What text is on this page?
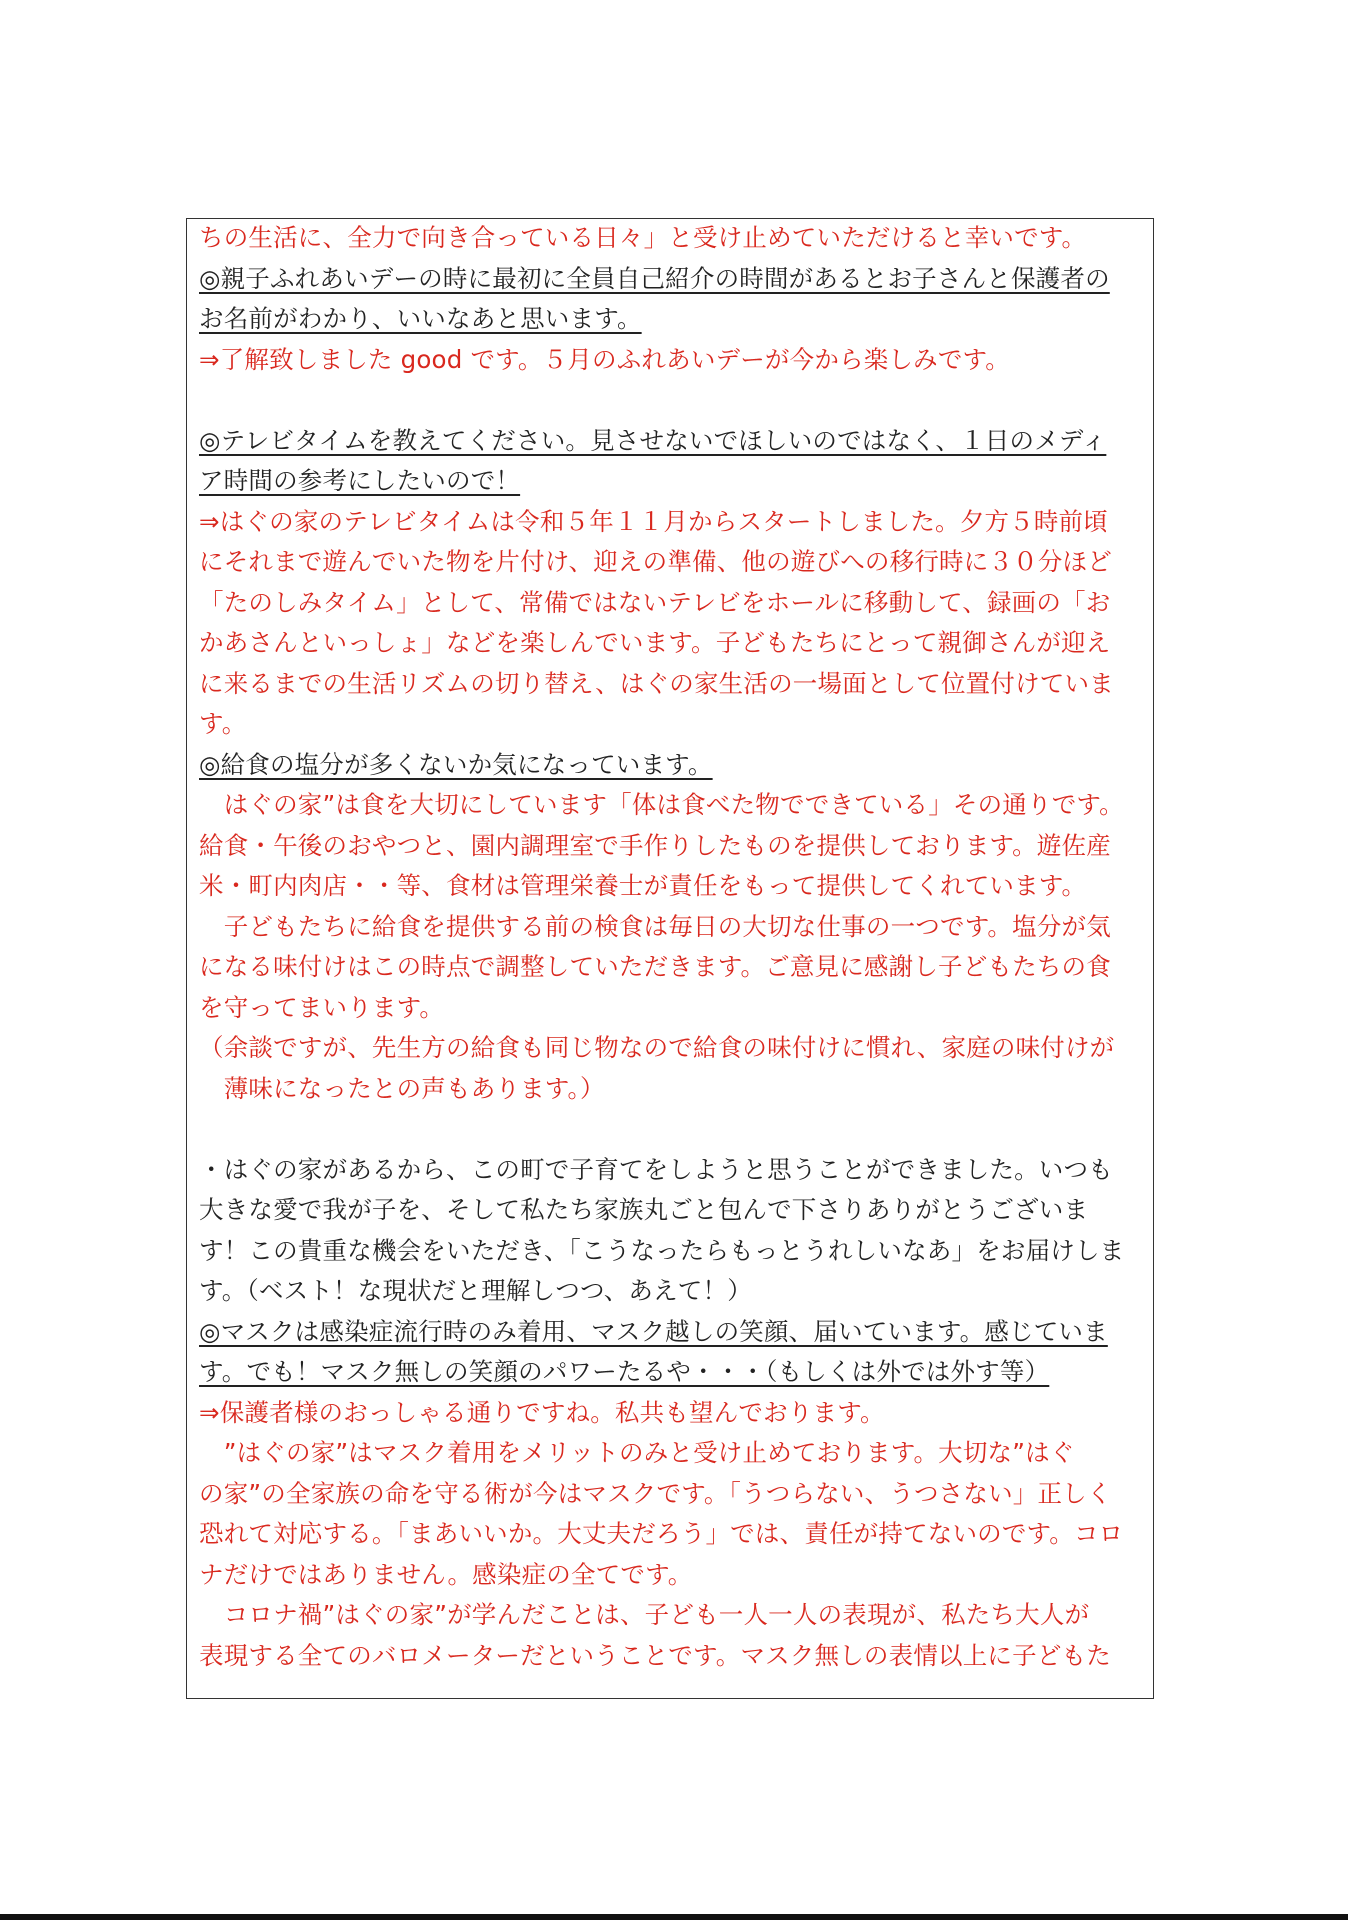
ちの生活に、全力で向き合っている日々」と受け止めていただけると幸いです。
◎親子ふれあいデーの時に最初に全員自己紹介の時間があるとお子さんと保護者の
お名前がわかり、いいなあと思います。
⇒了解致しました good です。５月のふれあいデーが今から楽しみです。
◎テレビタイムを教えてください。見させないでほしいのではなく、１日のメディ
ア時間の参考にしたいので！
⇒はぐの家のテレビタイムは令和５年１１月からスタートしました。夕方５時前頃
にそれまで遊んでいた物を片付け、迎えの準備、他の遊びへの移行時に３０分ほど
「たのしみタイム」として、常備ではないテレビをホールに移動して、録画の「お
かあさんといっしょ」などを楽しんでいます。子どもたちにとって親御さんが迎え
に来るまでの生活リズムの切り替え、はぐの家生活の一場面として位置付けていま
す。
◎給食の塩分が多くないか気になっています。
　はぐの家”は食を大切にしています「体は食べた物でできている」その通りです。
給食・午後のおやつと、園内調理室で手作りしたものを提供しております。遊佐産
米・町内肉店・・等、食材は管理栄養士が責任をもって提供してくれています。
　子どもたちに給食を提供する前の検食は毎日の大切な仕事の一つです。塩分が気
になる味付けはこの時点で調整していただきます。ご意見に感謝し子どもたちの食
を守ってまいります。
（余談ですが、先生方の給食も同じ物なので給食の味付けに慣れ、家庭の味付けが
　薄味になったとの声もあります。）
・はぐの家があるから、この町で子育てをしようと思うことができました。いつも
大きな愛で我が子を、そして私たち家族丸ごと包んで下さりありがとうございま
す！この貴重な機会をいただき、「こうなったらもっとうれしいなあ」をお届けしま
す。（ベスト！な現状だと理解しつつ、あえて！）
◎マスクは感染症流行時のみ着用、マスク越しの笑顔、届いています。感じていま
す。でも！マスク無しの笑顔のパワーたるや・・・（もしくは外では外す等）
⇒保護者様のおっしゃる通りですね。私共も望んでおります。
　”はぐの家”はマスク着用をメリットのみと受け止めております。大切な”はぐ
の家”の全家族の命を守る術が今はマスクです。「うつらない、うつさない」正しく
恐れて対応する。「まあいいか。大丈夫だろう」では、責任が持てないのです。コロ
ナだけではありません。感染症の全てです。
　コロナ禍”はぐの家”が学んだことは、子ども一人一人の表現が、私たち大人が
表現する全てのバロメーターだということです。マスク無しの表情以上に子どもた
